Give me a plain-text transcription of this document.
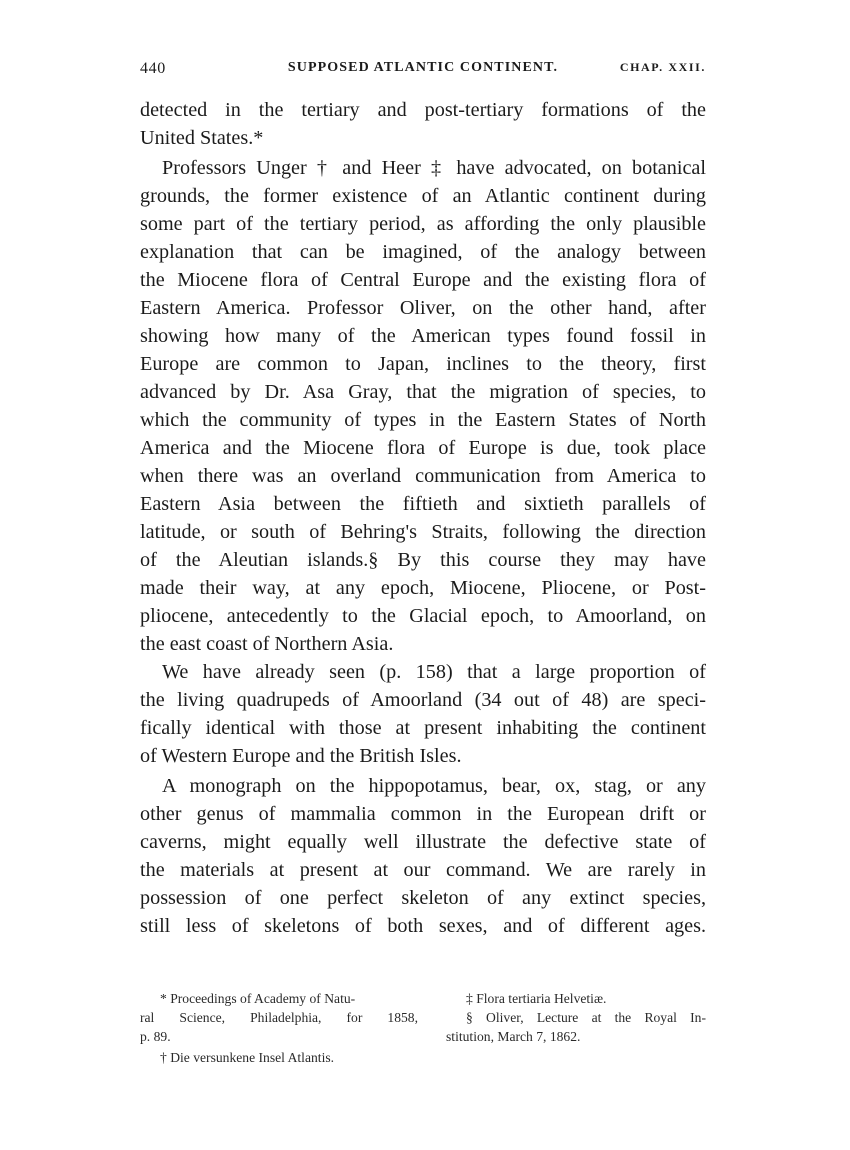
440	SUPPOSED ATLANTIC CONTINENT.	CHAP. XXII.
detected in the tertiary and post-tertiary formations of the
United States.*
Professors Unger † and Heer ‡ have advocated, on botanical
grounds, the former existence of an Atlantic continent during
some part of the tertiary period, as affording the only plausible
explanation that can be imagined, of the analogy between
the Miocene flora of Central Europe and the existing flora of
Eastern America. Professor Oliver, on the other hand, after
showing how many of the American types found fossil in
Europe are common to Japan, inclines to the theory, first
advanced by Dr. Asa Gray, that the migration of species, to
which the community of types in the Eastern States of North
America and the Miocene flora of Europe is due, took place
when there was an overland communication from America to
Eastern Asia between the fiftieth and sixtieth parallels of
latitude, or south of Behring's Straits, following the direction
of the Aleutian islands.§ By this course they may have
made their way, at any epoch, Miocene, Pliocene, or Post-
pliocene, antecedently to the Glacial epoch, to Amoorland, on
the east coast of Northern Asia.
We have already seen (p. 158) that a large proportion of
the living quadrupeds of Amoorland (34 out of 48) are speci-
fically identical with those at present inhabiting the continent
of Western Europe and the British Isles.
A monograph on the hippopotamus, bear, ox, stag, or any
other genus of mammalia common in the European drift or
caverns, might equally well illustrate the defective state of
the materials at present at our command. We are rarely in
possession of one perfect skeleton of any extinct species,
still less of skeletons of both sexes, and of different ages.
* Proceedings of Academy of Natu-
ral Science, Philadelphia, for 1858,
p. 89.
† Die versunkene Insel Atlantis.
‡ Flora tertiaria Helvetiæ.
§ Oliver, Lecture at the Royal In-
stitution, March 7, 1862.
